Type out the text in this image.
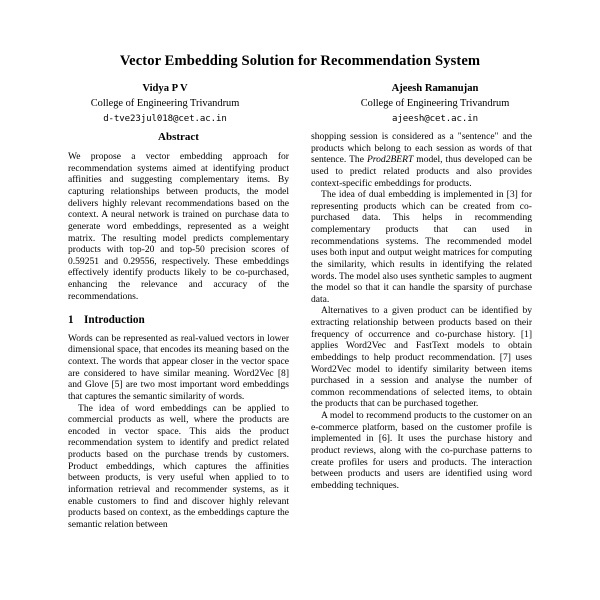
Vector Embedding Solution for Recommendation System
Vidya P V
College of Engineering Trivandrum
d-tve23jul018@cet.ac.in
Ajeesh Ramanujan
College of Engineering Trivandrum
ajeesh@cet.ac.in
Abstract

We propose a vector embedding approach for recommendation systems aimed at identifying product affinities and suggesting complementary items. By capturing relationships between products, the model delivers highly relevant recommendations based on the context. A neural network is trained on purchase data to generate word embeddings, represented as a weight matrix. The resulting model predicts complementary products with top-20 and top-50 precision scores of 0.59251 and 0.29556, respectively. These embeddings effectively identify products likely to be co-purchased, enhancing the relevance and accuracy of the recommendations.

1 Introduction

Words can be represented as real-valued vectors in lower dimensional space, that encodes its meaning based on the context. The words that appear closer in the vector space are considered to have similar meaning. Word2Vec [8] and Glove [5] are two most important word embeddings that captures the semantic similarity of words.

The idea of word embeddings can be applied to commercial products as well, where the products are encoded in vector space. This aids the product recommendation system to identify and predict related products based on the purchase trends by customers. Product embeddings, which captures the affinities between products, is very useful when applied to to information retrieval and recommender systems, as it enable customers to find and discover highly relevant products based on context, as the embeddings capture the semantic relation between

shopping session is considered as a "sentence" and the products which belong to each session as words of that sentence. The Prod2BERT model, thus developed can be used to predict related products and also provides context-specific embeddings for products.

The idea of dual embedding is implemented in [3] for representing products which can be created from co-purchased data. This helps in recommending complementary products that can used in recommendations systems. The recommended model uses both input and output weight matrices for computing the similarity, which results in identifying the related words. The model also uses synthetic samples to augment the model so that it can handle the sparsity of purchase data.

Alternatives to a given product can be identified by extracting relationship between products based on their frequency of occurrence and co-purchase history. [1] applies Word2Vec and FastText models to obtain embeddings to help product recommendation. [7] uses Word2Vec model to identify similarity between items purchased in a session and analyse the number of common recommendations of selected items, to obtain the products that can be purchased together.

A model to recommend products to the customer on an e-commerce platform, based on the customer profile is implemented in [6]. It uses the purchase history and product reviews, along with the co-purchase patterns to create profiles for users and products. The interaction between products and users are identified using word embedding techniques.
